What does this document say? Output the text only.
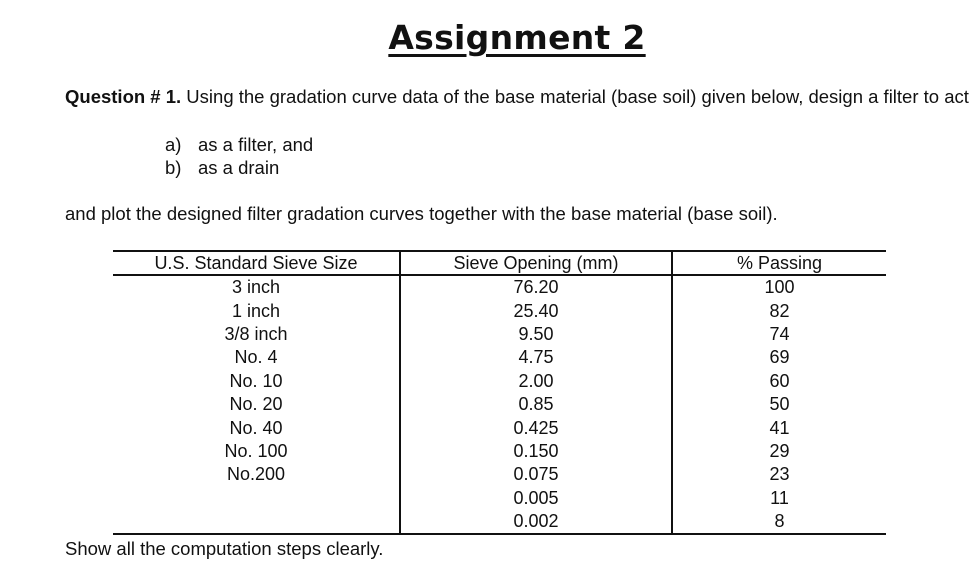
Assignment 2
Question # 1. Using the gradation curve data of the base material (base soil) given below, design a filter to act
a) as a filter, and
b) as a drain
and plot the designed filter gradation curves together with the base material (base soil).
U.S. Standard Sieve Size	Sieve Opening (mm)	% Passing
3 inch	76.20	100
1 inch	25.40	82
3/8 inch	9.50	74
No. 4	4.75	69
No. 10	2.00	60
No. 20	0.85	50
No. 40	0.425	41
No. 100	0.150	29
No.200	0.075	23
	0.005	11
	0.002	8
Show all the computation steps clearly.
